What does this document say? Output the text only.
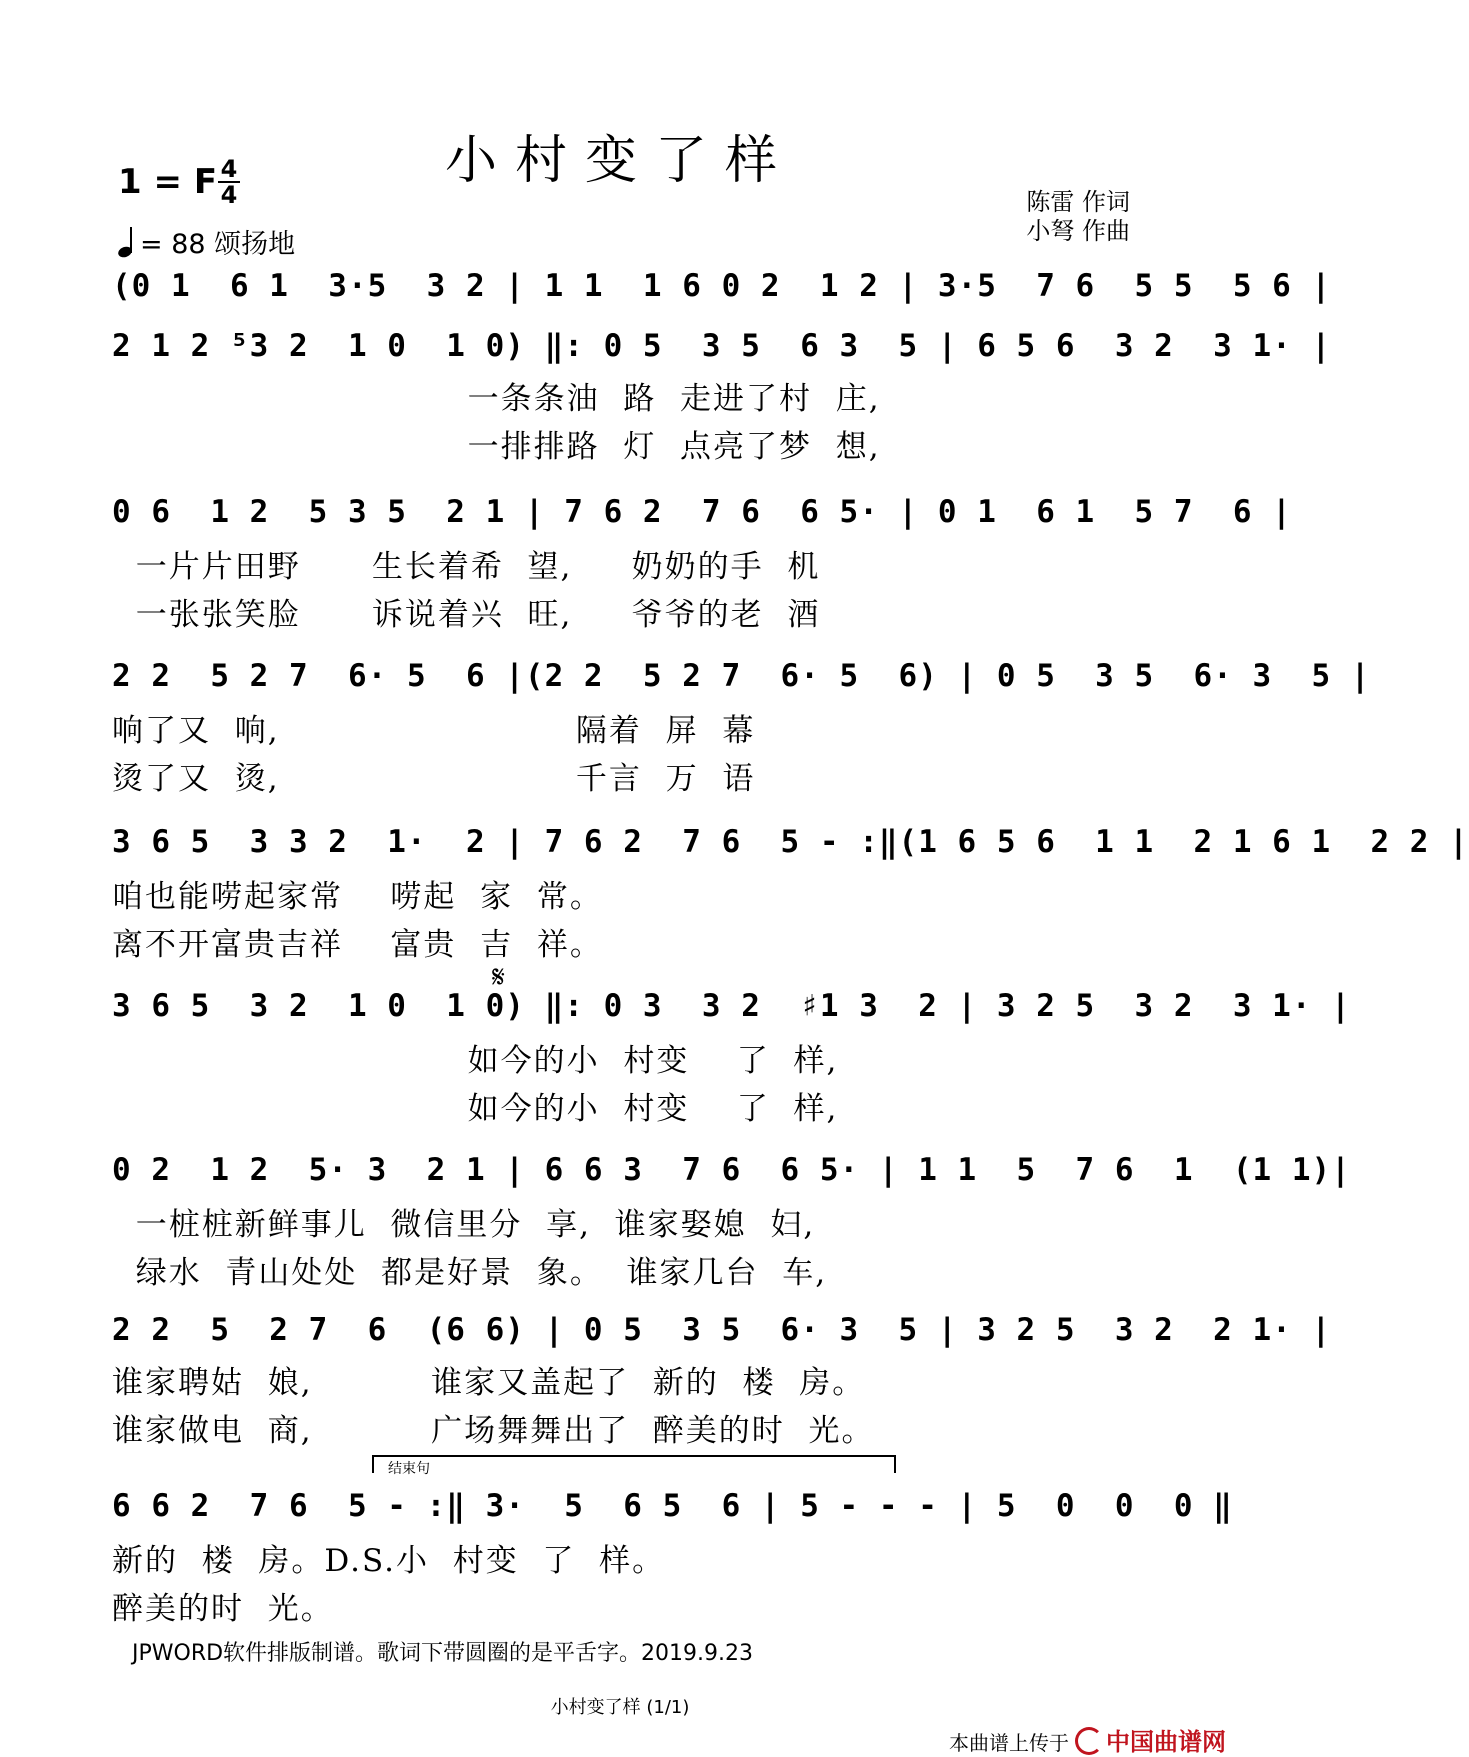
小村变了样
1 = F 4
4
= 88 颂扬地
陈雷 作词
小弩 作曲
(0 1  6 1  3·5  3 2 | 1 1  1 6 0 2  1 2 | 3·5  7 6  5 5  5 6 |
2 1 2 ⁵3 2  1 0  1 0) ‖: 0 5  3 5  6 3  5 | 6 5 6  3 2  3 1· |
一条条油  路  走进了村  庄,
一排排路  灯  点亮了梦  想,
0 6  1 2  5 3 5  2 1 | 7 6 2  7 6  6 5· | 0 1  6 1  5 7  6 |
一片片田野      生长着希  望,     奶奶的手  机
一张张笑脸      诉说着兴  旺,     爷爷的老  酒
2 2  5 2 7  6· 5  6 |(2 2  5 2 7  6· 5  6) | 0 5  3 5  6· 3  5 |
响了又  响,                         隔着  屏  幕
烫了又  烫,                         千言  万  语
3 6 5  3 3 2  1·  2 | 7 6 2  7 6  5 - :‖(1 6 5 6  1 1  2 1 6 1  2 2 |
咱也能唠起家常    唠起  家  常。
离不开富贵吉祥    富贵  吉  祥。
𝄋
3 6 5  3 2  1 0  1 0) ‖: 0 3  3 2  ♯1 3  2 | 3 2 5  3 2  3 1· |
如今的小  村变    了  样,
如今的小  村变    了  样,
0 2  1 2  5· 3  2 1 | 6 6 3  7 6  6 5· | 1 1  5  7 6  1  (1 1)|
一桩桩新鲜事儿  微信里分  享,  谁家娶媳  妇,
绿水  青山处处  都是好景  象。  谁家几台  车,
2 2  5  2 7  6  (6 6) | 0 5  3 5  6· 3  5 | 3 2 5  3 2  2 1· |
谁家聘姑  娘,          谁家又盖起了  新的  楼  房。
谁家做电  商,          广场舞舞出了  醉美的时  光。
结束句
6 6 2  7 6  5 - :‖ 3·  5  6 5  6 | 5 - - - | 5  0  0  0 ‖
新的  楼  房。D.S.小  村变  了  样。
醉美的时  光。
JPWORD软件排版制谱。歌词下带圆圈的是平舌字。2019.9.23
小村变了样 (1/1)
本曲谱上传于 中国曲谱网
